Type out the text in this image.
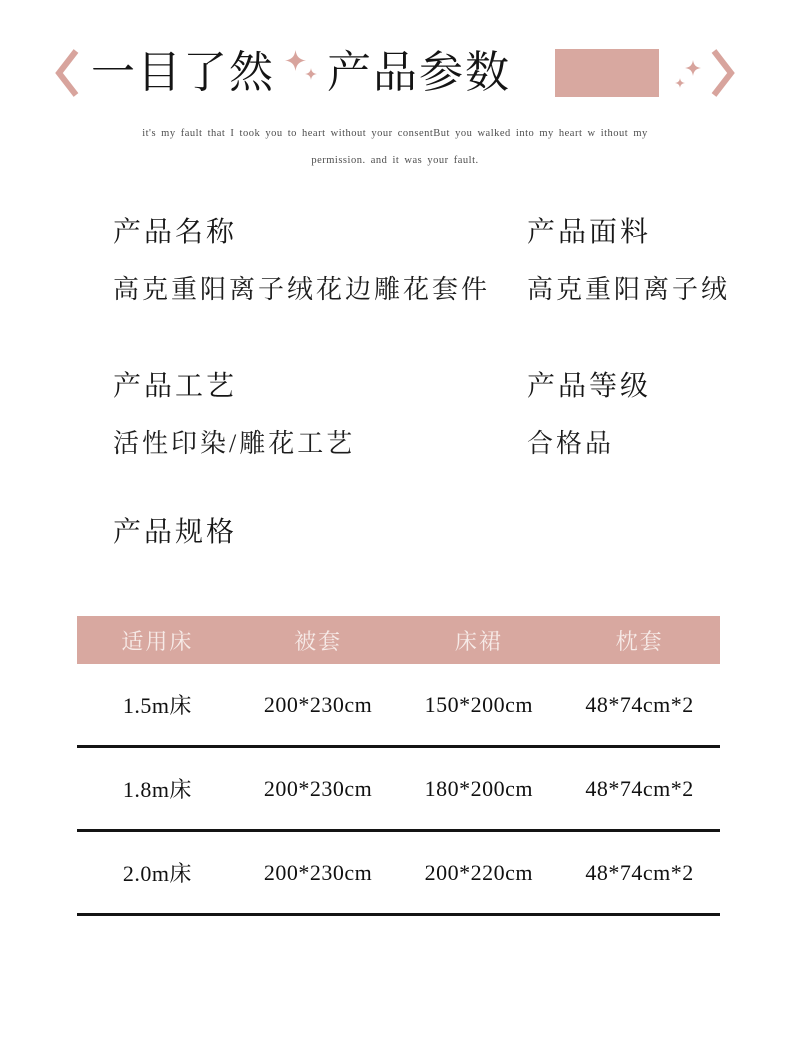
一目了然 产品参数

it's my fault that I took you to heart without your consentBut you walked into my heart w ithout my

permission. and it was your fault.

产品名称
高克重阳离子绒花边雕花套件
产品面料
高克重阳离子绒
产品工艺
活性印染/雕花工艺
产品等级
合格品
产品规格
适用床	被套	床裙	枕套
1.5m床	200*230cm	150*200cm	48*74cm*2
1.8m床	200*230cm	180*200cm	48*74cm*2
2.0m床	200*230cm	200*220cm	48*74cm*2
